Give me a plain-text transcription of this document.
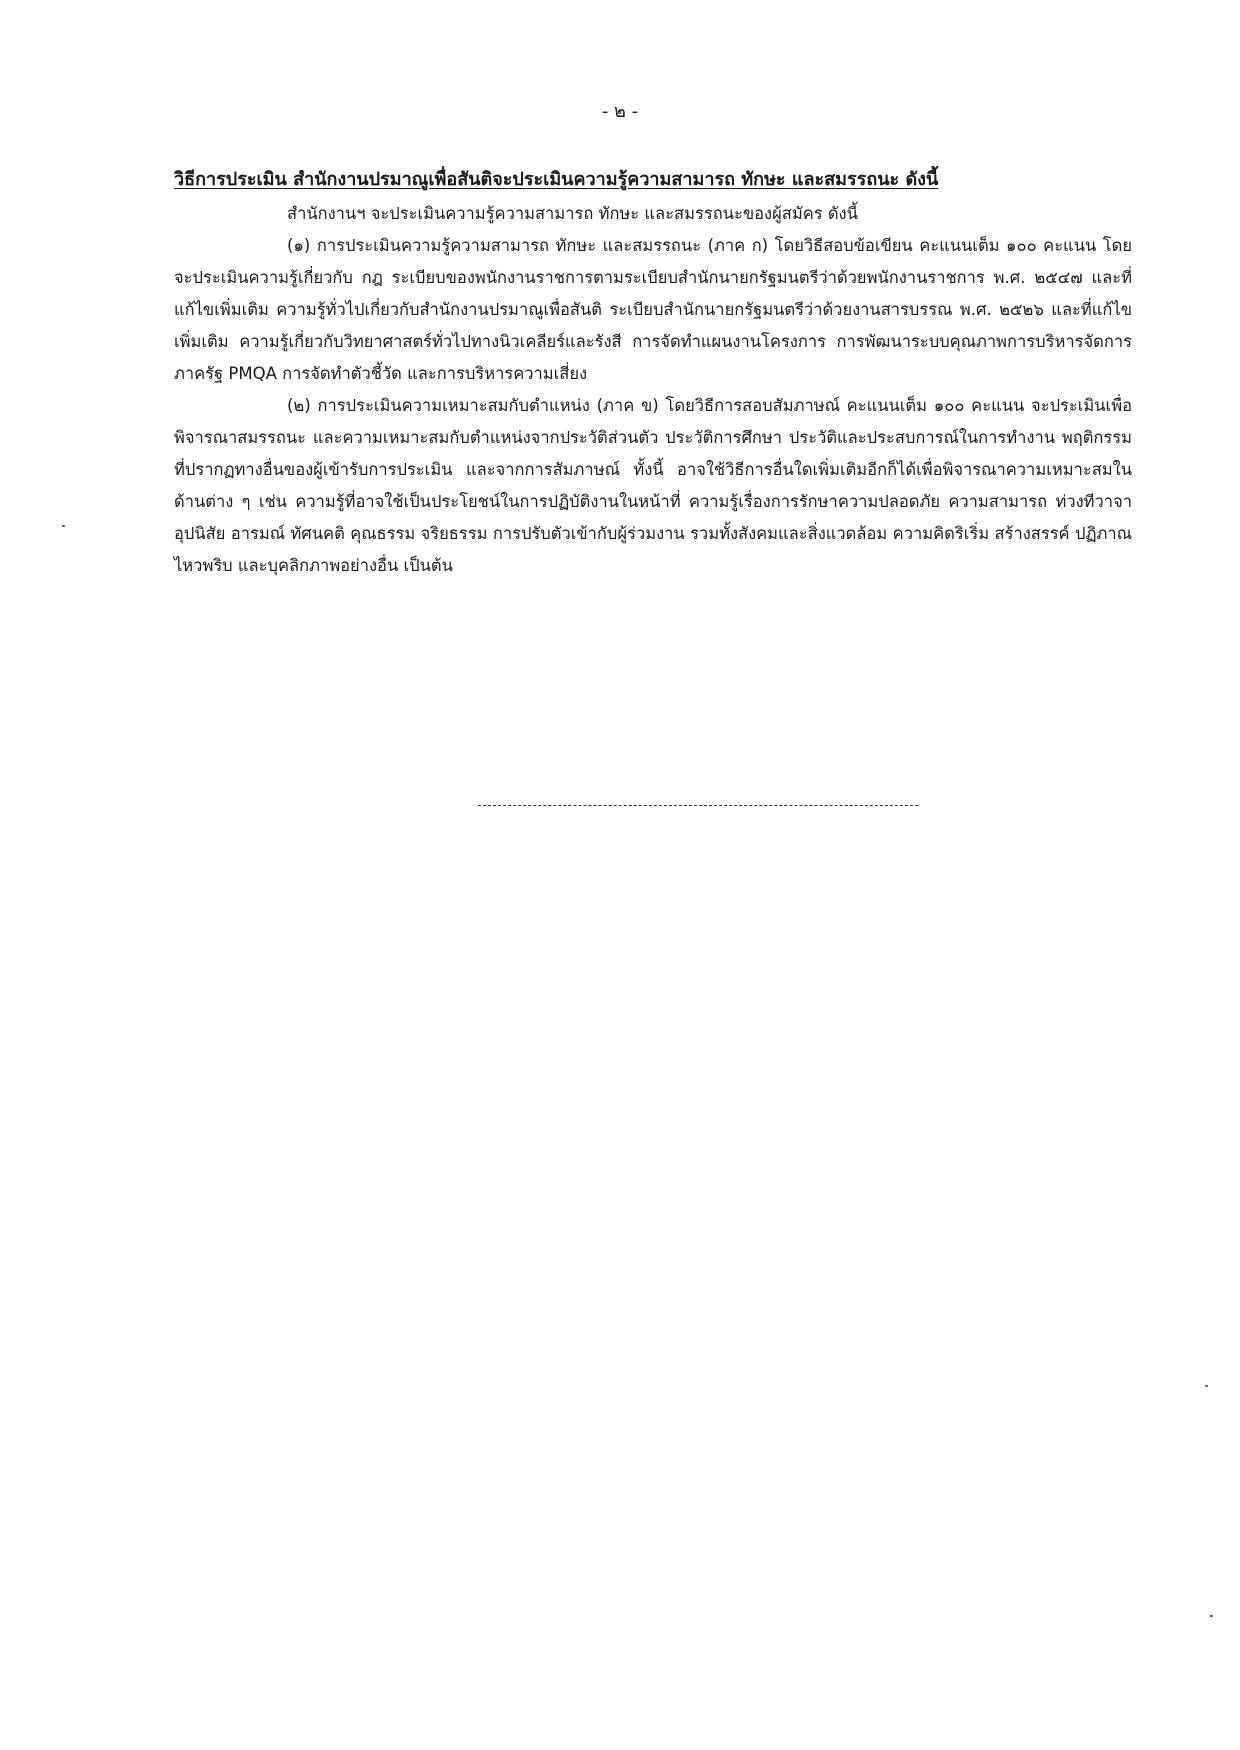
- ๒ -
วิธีการประเมิน สำนักงานปรมาณูเพื่อสันติจะประเมินความรู้ความสามารถ ทักษะ และสมรรถนะ ดังนี้

สำนักงานฯ จะประเมินความรู้ความสามารถ ทักษะ และสมรรถนะของผู้สมัคร ดังนี้

(๑) การประเมินความรู้ความสามารถ ทักษะ และสมรรถนะ (ภาค ก) โดยวิธีสอบข้อเขียน คะแนนเต็ม ๑๐๐ คะแนน โดยจะประเมินความรู้เกี่ยวกับ กฎ ระเบียบของพนักงานราชการตามระเบียบสำนักนายกรัฐมนตรีว่าด้วยพนักงานราชการ พ.ศ. ๒๕๔๗ และที่แก้ไขเพิ่มเติม ความรู้ทั่วไปเกี่ยวกับสำนักงานปรมาณูเพื่อสันติ ระเบียบสำนักนายกรัฐมนตรีว่าด้วยงานสารบรรณ พ.ศ. ๒๕๒๖ และที่แก้ไขเพิ่มเติม ความรู้เกี่ยวกับวิทยาศาสตร์ทั่วไปทางนิวเคลียร์และรังสี การจัดทำแผนงานโครงการ การพัฒนาระบบคุณภาพการบริหารจัดการภาครัฐ PMQA การจัดทำตัวชี้วัด และการบริหารความเสี่ยง

(๒) การประเมินความเหมาะสมกับตำแหน่ง (ภาค ข) โดยวิธีการสอบสัมภาษณ์ คะแนนเต็ม ๑๐๐ คะแนน จะประเมินเพื่อพิจารณาสมรรถนะ และความเหมาะสมกับตำแหน่งจากประวัติส่วนตัว ประวัติการศึกษา ประวัติและประสบการณ์ในการทำงาน พฤติกรรมที่ปรากฏทางอื่นของผู้เข้ารับการประเมิน และจากการสัมภาษณ์ ทั้งนี้ อาจใช้วิธีการอื่นใดเพิ่มเติมอีกก็ได้เพื่อพิจารณาความเหมาะสมในด้านต่าง ๆ เช่น ความรู้ที่อาจใช้เป็นประโยชน์ในการปฏิบัติงานในหน้าที่ ความรู้เรื่องการรักษาความปลอดภัย ความสามารถ ท่วงทีวาจา อุปนิสัย อารมณ์ ทัศนคติ คุณธรรม จริยธรรม การปรับตัวเข้ากับผู้ร่วมงาน รวมทั้งสังคมและสิ่งแวดล้อม ความคิดริเริ่ม สร้างสรรค์ ปฏิภาณไหวพริบ และบุคลิกภาพอย่างอื่น เป็นต้น
